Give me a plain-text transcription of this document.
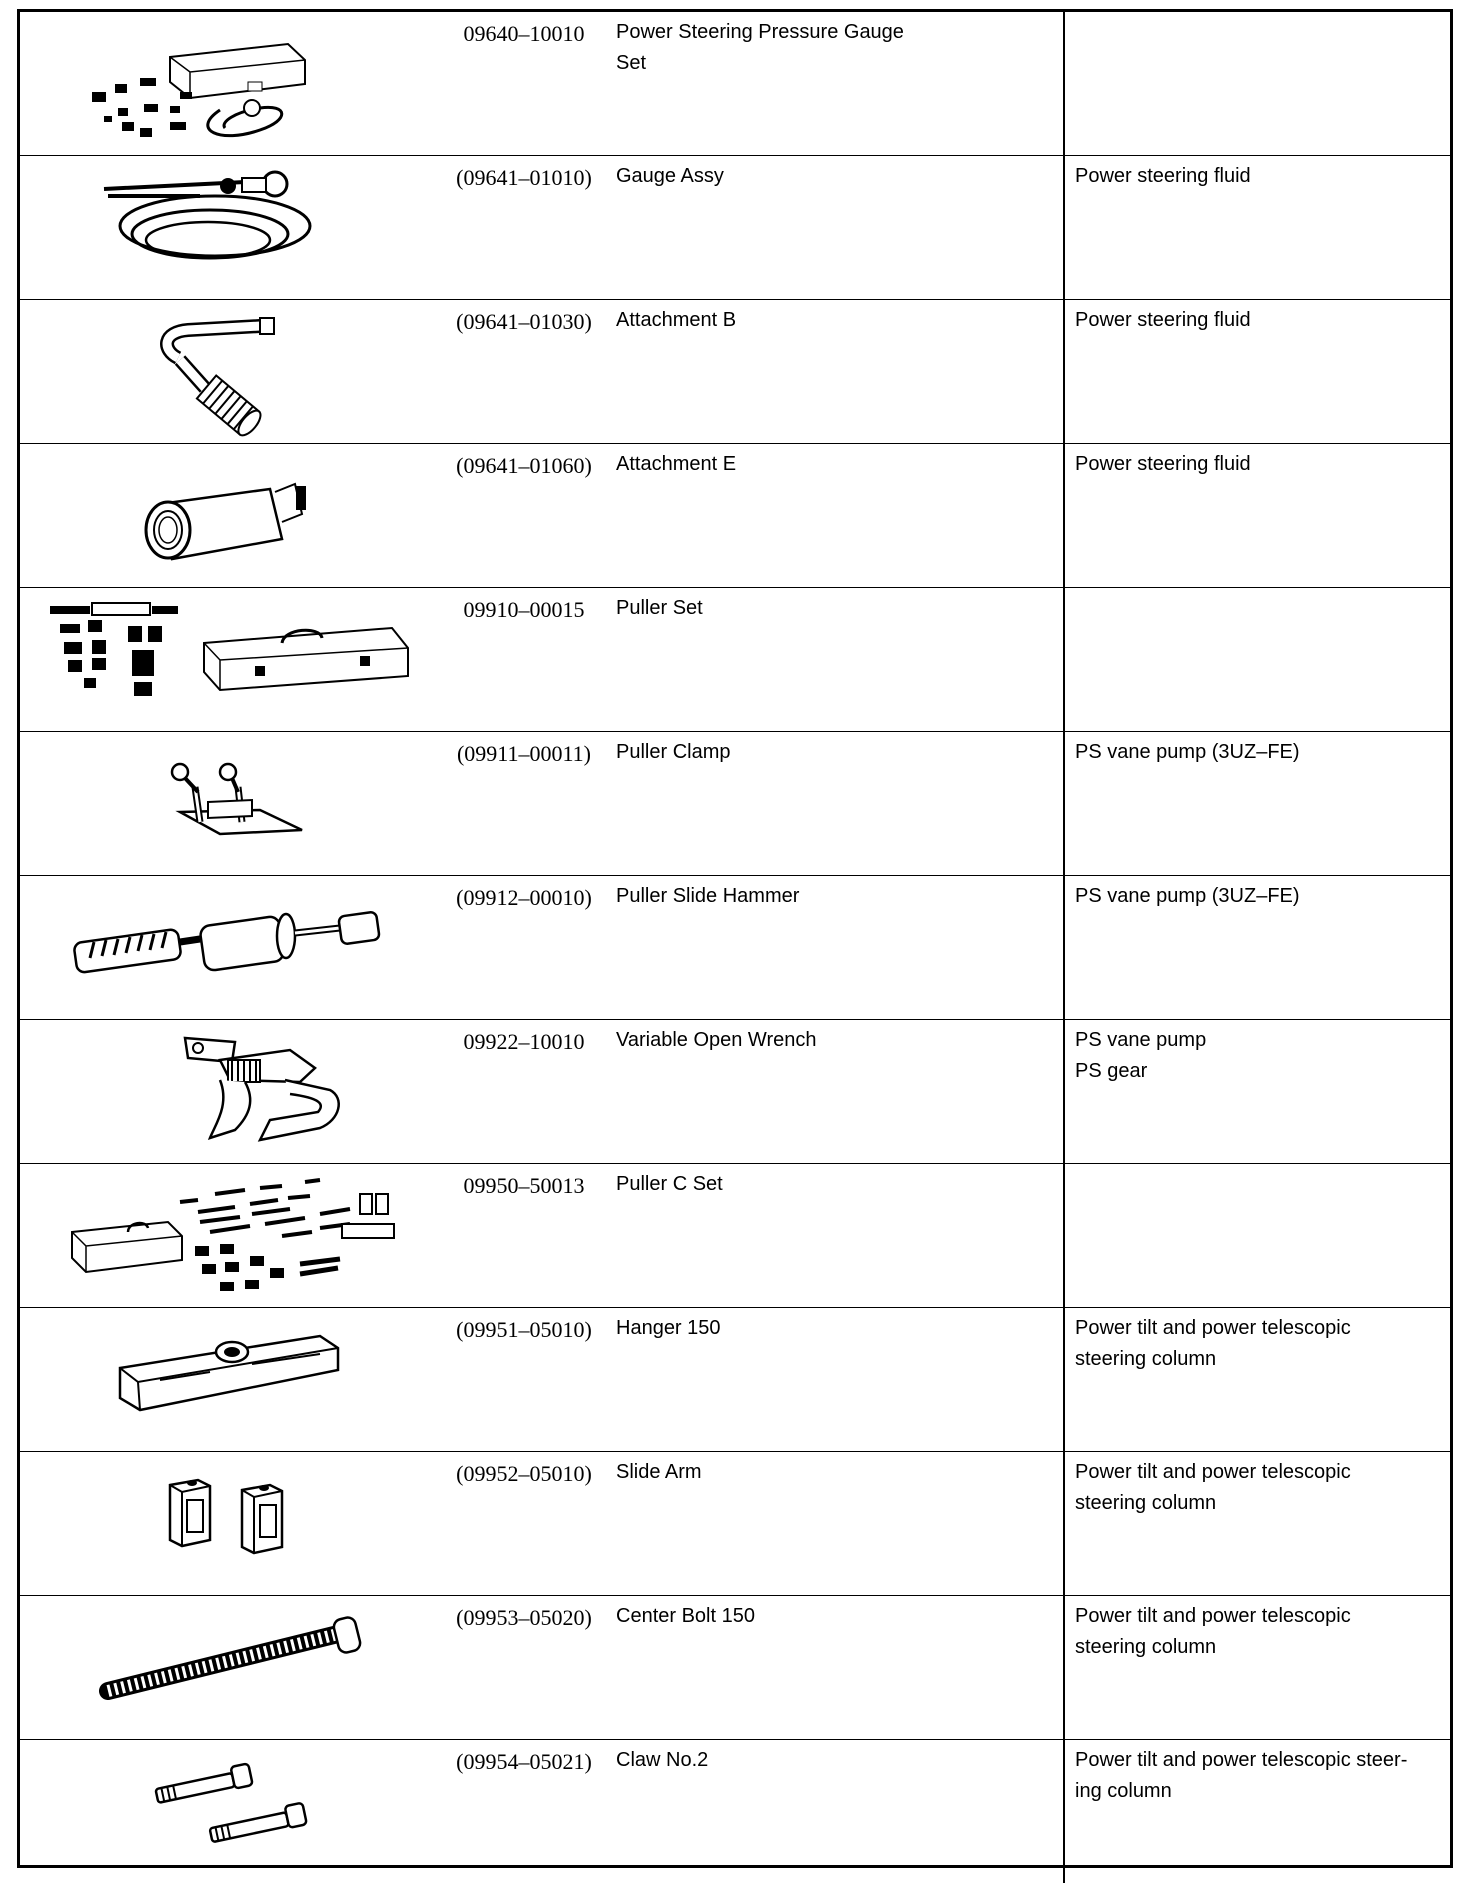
09640–10010	Power Steering Pressure Gauge
Set	

(09641–01010)	Gauge Assy	Power steering fluid

(09641–01030)	Attachment B	Power steering fluid

(09641–01060)	Attachment E	Power steering fluid

09910–00015	Puller Set	

(09911–00011)	Puller Clamp	PS vane pump (3UZ–FE)

(09912–00010)	Puller Slide Hammer	PS vane pump (3UZ–FE)

09922–10010	Variable Open Wrench	PS vane pump
PS gear

09950–50013	Puller C Set	

(09951–05010)	Hanger 150	Power tilt and power telescopic
steering column

(09952–05010)	Slide Arm	Power tilt and power telescopic
steering column

(09953–05020)	Center Bolt 150	Power tilt and power telescopic
steering column

(09954–05021)	Claw No.2	Power tilt and power telescopic steer-
ing column
